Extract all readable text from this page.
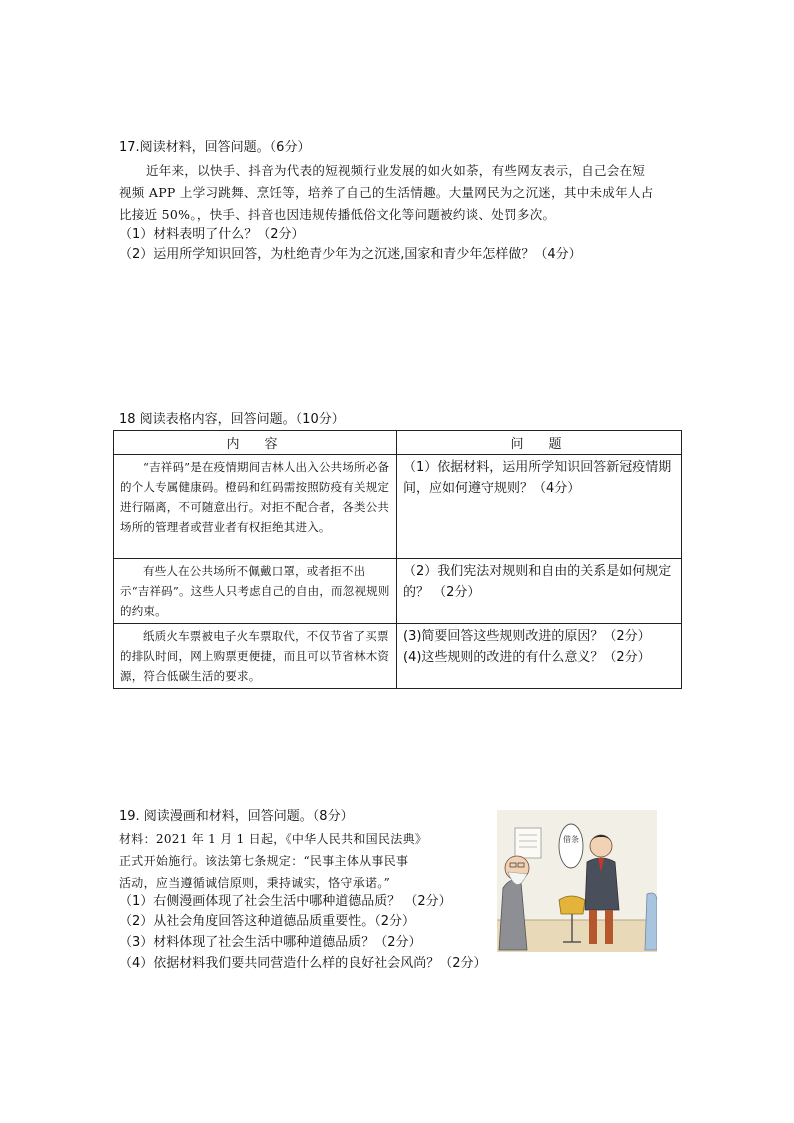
17.阅读材料，回答问题。（6分）
近年来，以快手、抖音为代表的短视频行业发展的如火如荼，有些网友表示，自己会在短
视频 APP 上学习跳舞、烹饪等，培养了自己的生活情趣。大量网民为之沉迷，其中未成年人占
比接近 50%。，快手、抖音也因违规传播低俗文化等问题被约谈、处罚多次。
（1）材料表明了什么？（2分）
（2）运用所学知识回答，为杜绝青少年为之沉迷,国家和青少年怎样做？（4分）
18 阅读表格内容，回答问题。（10分）
内　容	问　题
“吉祥码”是在疫情期间吉林人出入公共场所必备的个人专属健康码。橙码和红码需按照防疫有关规定进行隔离，不可随意出行。对拒不配合者，各类公共场所的管理者或营业者有权拒绝其进入。	（1）依据材料，运用所学知识回答新冠疫情期间，应如何遵守规则？（4分）

有些人在公共场所不佩戴口罩，或者拒不出示“吉祥码”。这些人只考虑自己的自由，而忽视规则的约束。	（2）我们宪法对规则和自由的关系是如何规定的？ （2分）

纸质火车票被电子火车票取代，不仅节省了买票的排队时间，网上购票更便捷，而且可以节省林木资源，符合低碳生活的要求。	(3)简要回答这些规则改进的原因？（2分）
(4)这些规则的改进的有什么意义？（2分）
19. 阅读漫画和材料，回答问题。（8分）
材料：2021 年 1 月 1 日起，《中华人民共和国民法典》
正式开始施行。该法第七条规定：“民事主体从事民事
活动，应当遵循诚信原则，秉持诚实，恪守承诺。”
（1）右侧漫画体现了社会生活中哪种道德品质？ （2分）
（2）从社会角度回答这种道德品质重要性。（2分）
（3）材料体现了社会生活中哪种道德品质？（2分）
（4）依据材料我们要共同营造什么样的良好社会风尚？（2分）
借条
